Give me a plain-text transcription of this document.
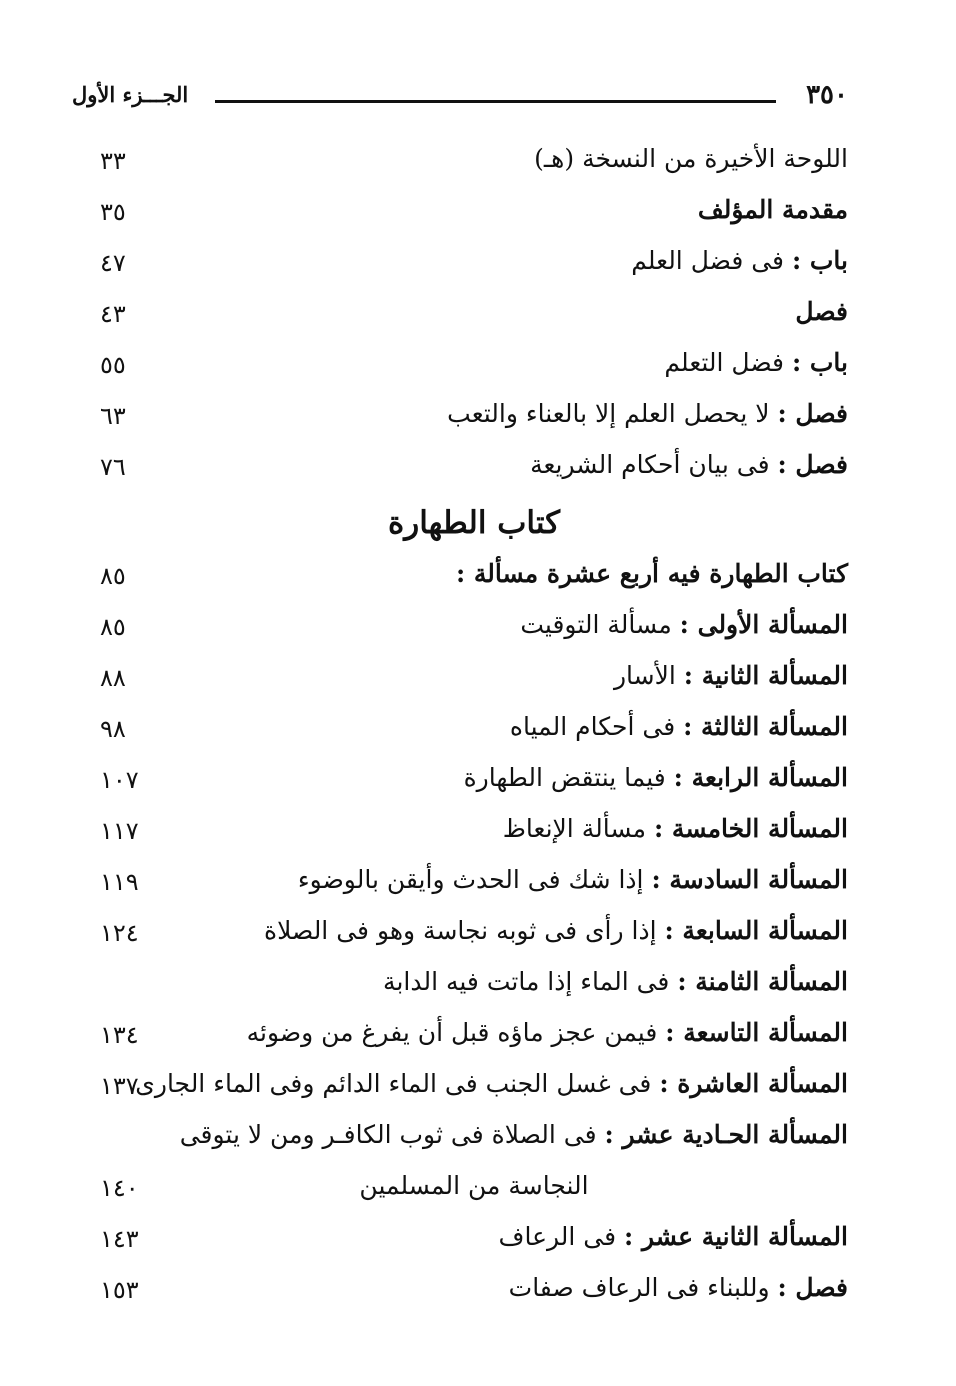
٣٥٠
الجـــزء الأول
اللوحة الأخيرة من النسخة (هـ)
٣٣
مقدمة المؤلف
٣٥
باب : فى فضل العلم
٤٧
فصل
٤٣
باب : فضل التعلم
٥٥
فصل : لا يحصل العلم إلا بالعناء والتعب
٦٣
فصل : فى بيان أحكام الشريعة
٧٦
كتاب الطهارة
كتاب الطهارة فيه أربع عشرة مسألة :
٨٥
المسألة الأولى : مسألة التوقيت
٨٥
المسألة الثانية : الأسار
٨٨
المسألة الثالثة : فى أحكام المياه
٩٨
المسألة الرابعة : فيما ينتقض الطهارة
١٠٧
المسألة الخامسة : مسألة الإنعاظ
١١٧
المسألة السادسة : إذا شك فى الحدث وأيقن بالوضوء
١١٩
المسألة السابعة : إذا رأى فى ثوبه نجاسة وهو فى الصلاة
١٢٤
المسألة الثامنة : فى الماء إذا ماتت فيه الدابة
المسألة التاسعة : فيمن عجز ماؤه قبل أن يفرغ من وضوئه
١٣٤
المسألة العاشرة : فى غسل الجنب فى الماء الدائم وفى الماء الجارى
١٣٧
المسألة الحـادية عشر : فى الصلاة فى ثوب الكافـر ومن لا يتوقى
النجاسة من المسلمين
١٤٠
المسألة الثانية عشر : فى الرعاف
١٤٣
فصل : وللبناء فى الرعاف صفات
١٥٣
